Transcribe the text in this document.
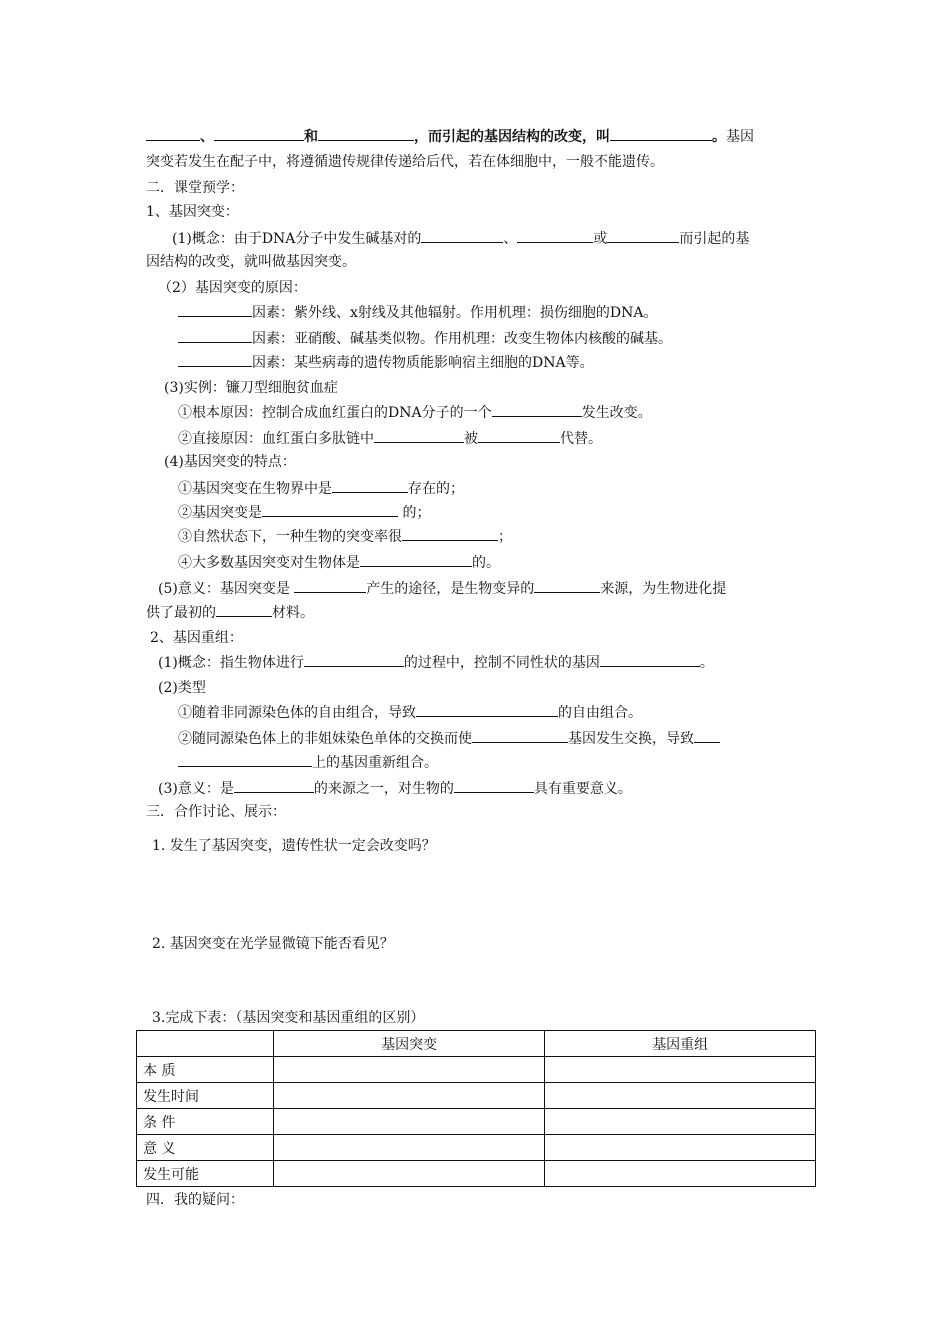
、	和	，而引起的基因结构的改变，叫	。基因
突变若发生在配子中，将遵循遗传规律传递给后代，若在体细胞中，一般不能遗传。
二．课堂预学：
1、基因突变：
(1)概念：由于DNA分子中发生碱基对的	、	或	而引起的基
因结构的改变，就叫做基因突变。
（2）基因突变的原因：
因素：紫外线、x射线及其他辐射。作用机理：损伤细胞的DNA。
因素：亚硝酸、碱基类似物。作用机理：改变生物体内核酸的碱基。
因素：某些病毒的遗传物质能影响宿主细胞的DNA等。
(3)实例：镰刀型细胞贫血症
①根本原因：控制合成血红蛋白的DNA分子的一个	发生改变。
②直接原因：血红蛋白多肽链中	被	代替。
(4)基因突变的特点：
①基因突变在生物界中是	存在的；
②基因突变是	的；
③自然状态下，一种生物的突变率很	；
④大多数基因突变对生物体是	的。
(5)意义：基因突变是	产生的途径，是生物变异的	来源，为生物进化提
供了最初的	材料。
2、基因重组：
(1)概念：指生物体进行	的过程中，控制不同性状的基因	。
(2)类型
①随着非同源染色体的自由组合，导致	的自由组合。
②随同源染色体上的非姐妹染色单体的交换而使	基因发生交换，导致
上的基因重新组合。
(3)意义：是	的来源之一，对生物的	具有重要意义。
三．合作讨论、展示：
1. 发生了基因突变，遗传性状一定会改变吗？
2. 基因突变在光学显微镜下能否看见？
3.完成下表：（基因突变和基因重组的区别）
	基因突变	基因重组
本 质		
发生时间		
条 件		
意 义		
发生可能		
四．我的疑问：
